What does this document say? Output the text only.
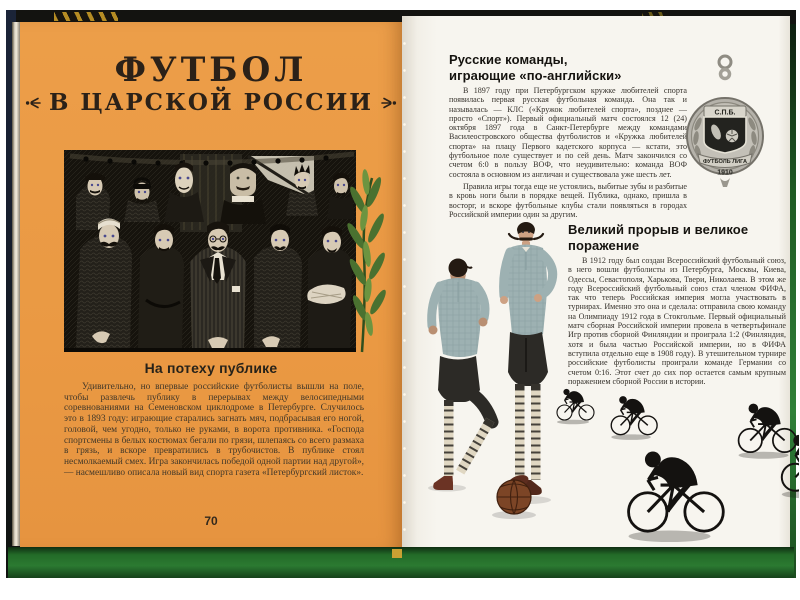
ФУТБОЛ
В ЦАРСКОЙ РОССИИ
На потеху публике

Удивительно, но впервые российские футболисты вышли на поле, чтобы развлечь публику в перерывах между велосипедными соревнованиями на Семеновском циклодроме в Петербурге. Случилось это в 1893 году: играющие старались загнать мяч, подбрасывая его ногой, головой, чем угодно, только не руками, в ворота противника. «Господа спортсмены в белых костюмах бегали по грязи, шлепаясь со всего размаха в грязь, и вскоре превратились в трубочистов. В публике стоял несмолкаемый смех. Игра закончилась победой одной партии над другой», — насмешливо описала новый вид спорта газета «Петербургский листок».

70
Русские команды,
играющие «по-английски»

В 1897 году при Петербургском кружке любителей спорта появилась первая русская футбольная команда. Она так и называлась — КЛС («Кружок любителей спорта», позднее — просто «Спорт»). Первый официальный матч состоялся 12 (24) октября 1897 года в Санкт-Петербурге между командами Василеостровского общества футболистов и «Кружка любителей спорта» на плацу Первого кадетского корпуса — кстати, это футбольное поле существует и по сей день. Матч закончился со счетом 6:0 в пользу ВОФ, что неудивительно: команда ВОФ состояла в основном из англичан и существовала уже шесть лет.

Правила игры тогда еще не устоялись, выбитые зубы и разбитые в кровь ноги были в порядке вещей. Публика, однако, пришла в восторг, и вскоре футбольные клубы стали появляться в городах Российской империи один за другим.

С.П.Б.
ФУТБОЛЬ ЛИГА
1910
Великий прорыв и великое
поражение

В 1912 году был создан Всероссийский футбольный союз, в него вошли футболисты из Петербурга, Москвы, Киева, Одессы, Севастополя, Харькова, Твери, Николаева. В этом же году Всероссийский футбольный союз стал членом ФИФА, так что теперь Российская империя могла участвовать в турнирах. Именно это она и сделала: отправила свою команду на Олимпиаду 1912 года в Стокгольме. Первый официальный матч сборная Российской империи провела в четвертьфинале Игр против сборной Финляндии и проиграла 1:2 (Финляндия, хотя и была частью Российской империи, но в ФИФА вступила отдельно еще в 1908 году). В утешительном турнире российские футболисты проиграли команде Германии со счетом 0:16. Этот счет до сих пор остается самым крупным поражением сборной России в истории.
